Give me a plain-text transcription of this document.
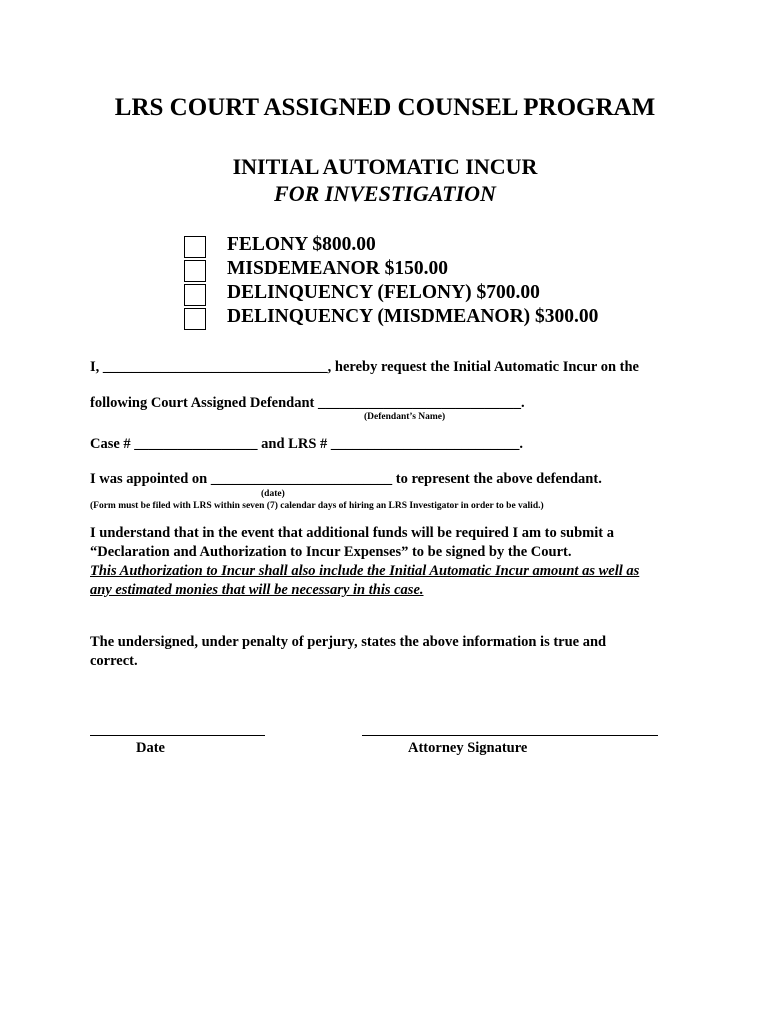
LRS COURT ASSIGNED COUNSEL PROGRAM
INITIAL AUTOMATIC INCUR
FOR INVESTIGATION
FELONY $800.00
MISDEMEANOR $150.00
DELINQUENCY (FELONY) $700.00
DELINQUENCY (MISDMEANOR) $300.00
I, _______________________________, hereby request the Initial Automatic Incur on the
following Court Assigned Defendant ____________________________.
(Defendant’s Name)
Case # _________________ and LRS # __________________________.
I was appointed on _________________________ to represent the above defendant.
(date)
(Form must be filed with LRS within seven (7) calendar days of hiring an LRS Investigator in order to be valid.)
I understand that in the event that additional funds will be required I am to submit a
“Declaration and Authorization to Incur Expenses” to be signed by the Court.
This Authorization to Incur shall also include the Initial Automatic Incur amount as well as
any estimated monies that will be necessary in this case.
The undersigned, under penalty of perjury, states the above information is true and
correct.
Date	Attorney Signature
